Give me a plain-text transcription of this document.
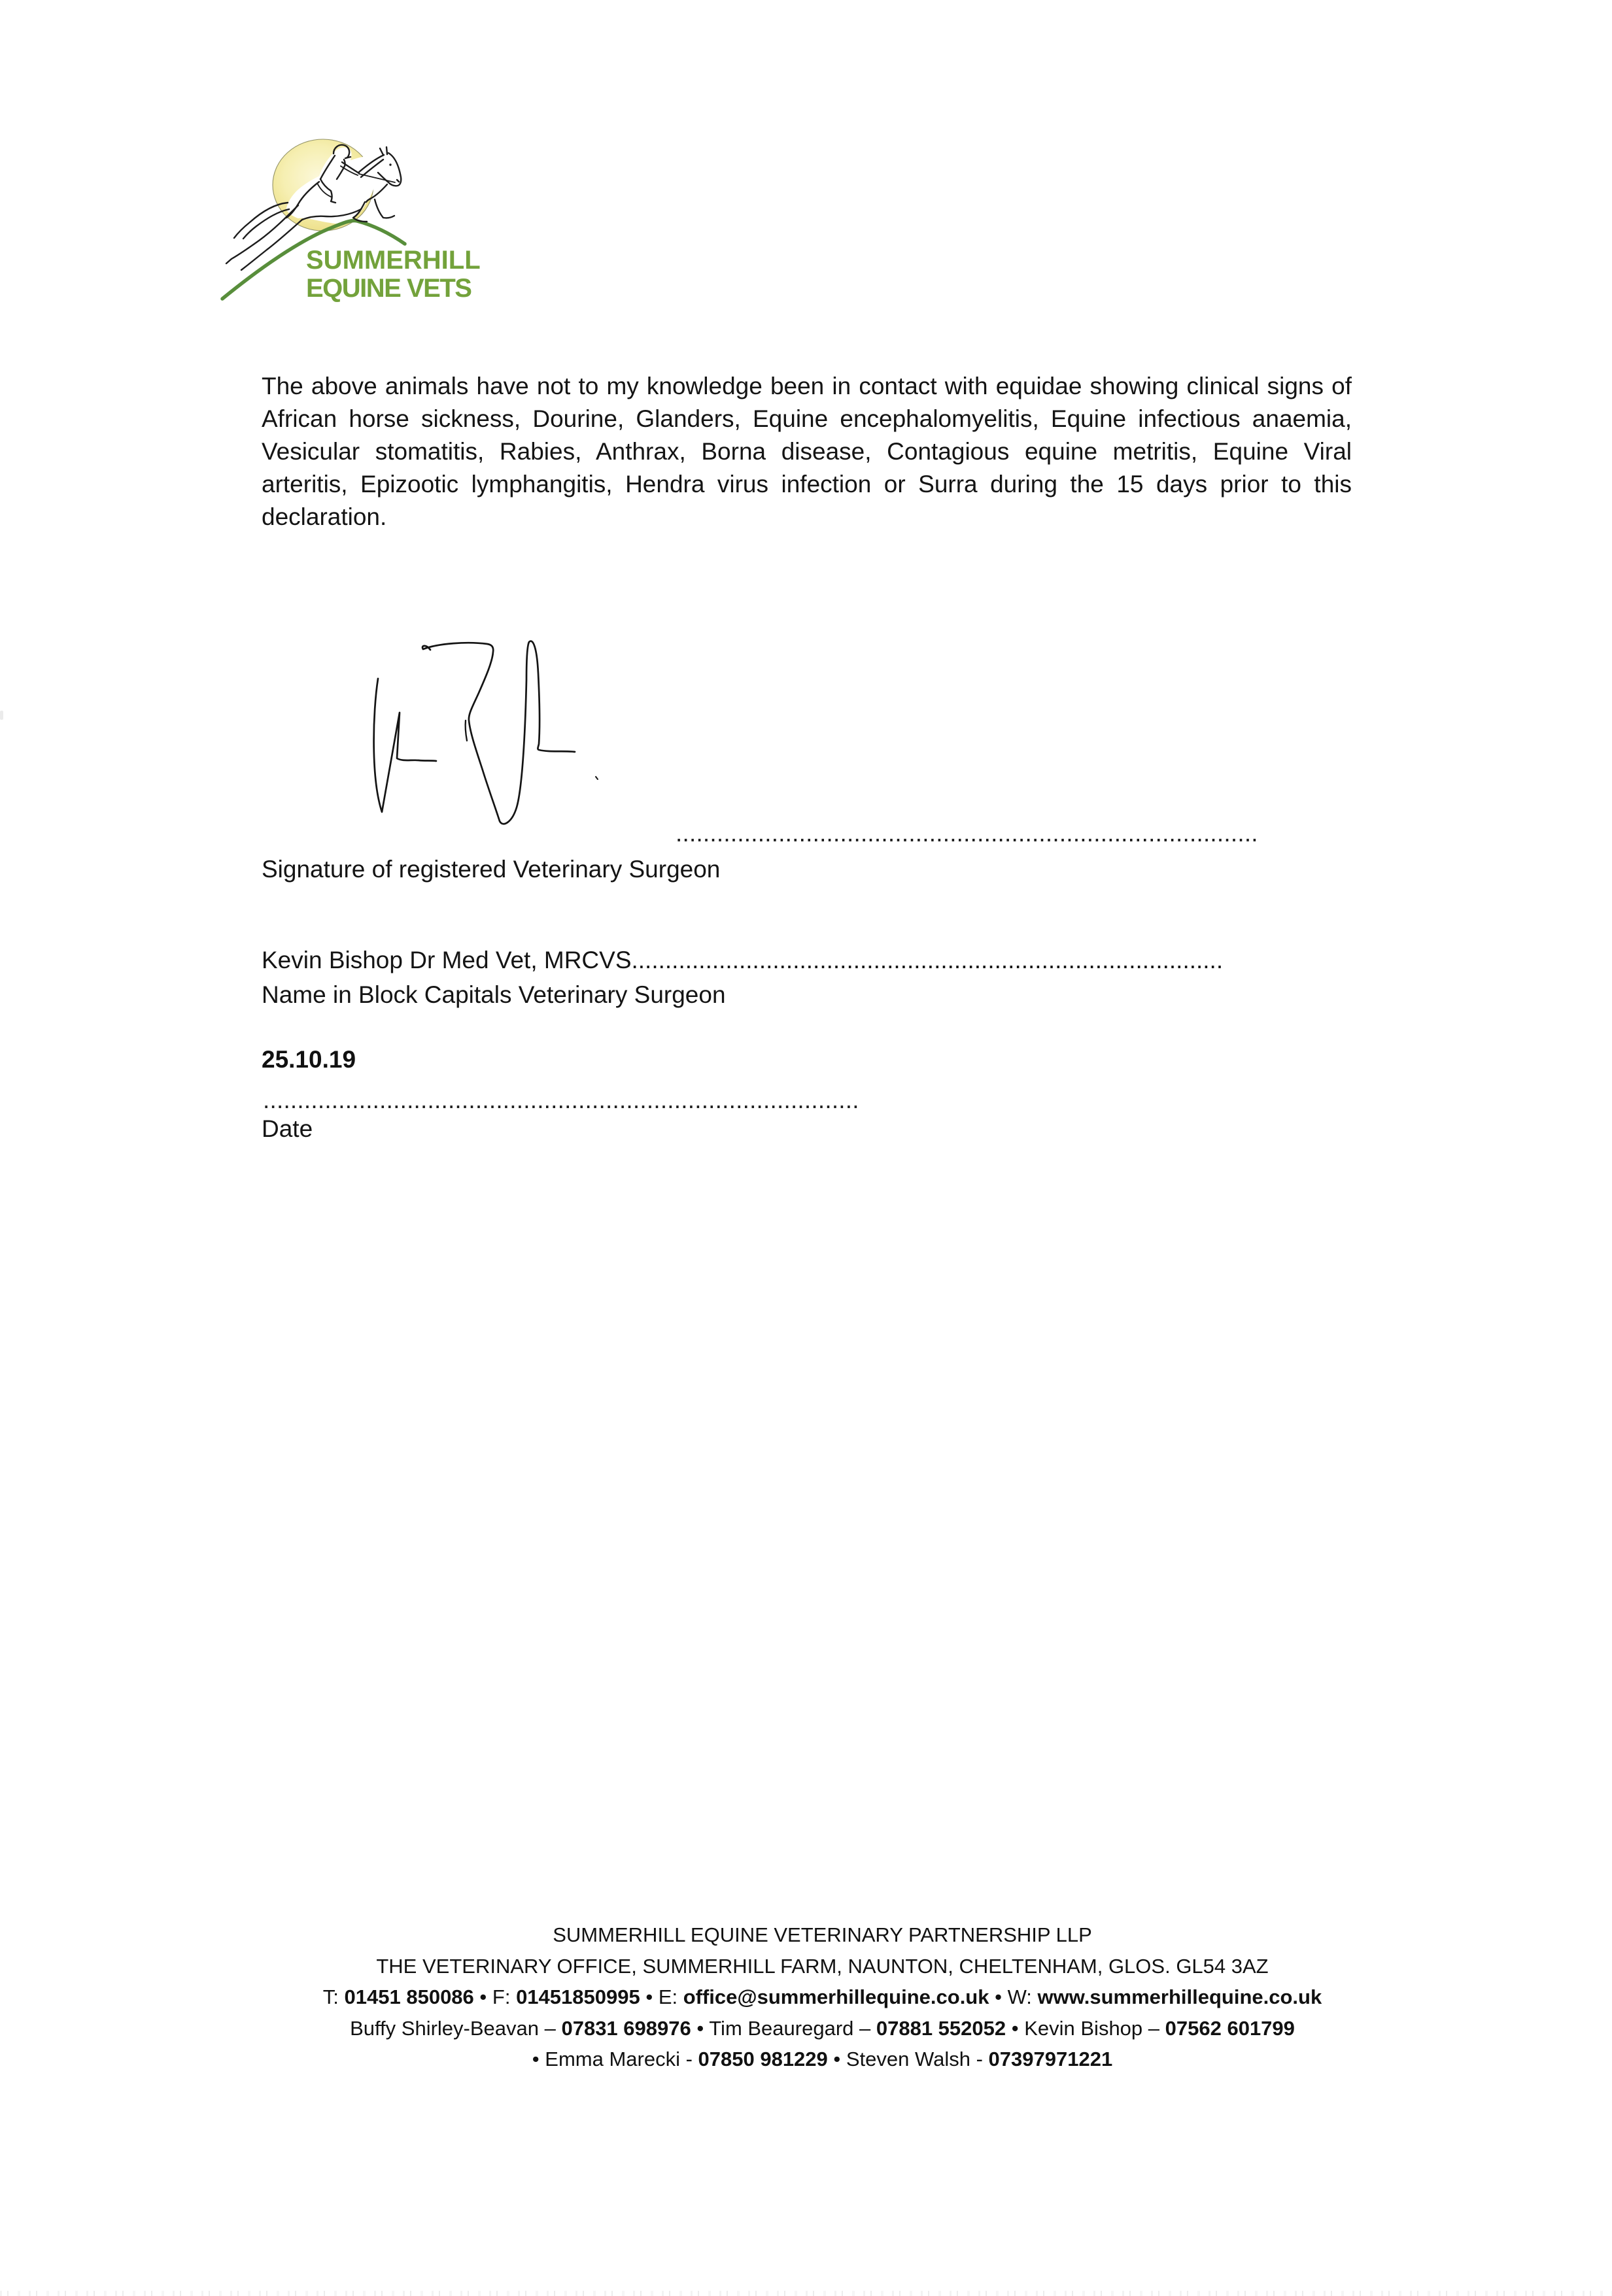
SUMMERHILL
EQUINE VETS
The above animals have not to my knowledge been in contact with equidae showing clinical signs of
African horse sickness, Dourine, Glanders, Equine encephalomyelitis, Equine infectious anaemia,
Vesicular stomatitis, Rabies, Anthrax, Borna disease, Contagious equine metritis, Equine Viral
arteritis, Epizootic lymphangitis, Hendra virus infection or Surra during the 15 days prior to this
declaration.
.....................................................................................
Signature of registered Veterinary Surgeon
Kevin Bishop Dr Med Vet, MRCVS........................................................................................
Name in Block Capitals Veterinary Surgeon
25.10.19
.......................................................................................
Date
SUMMERHILL EQUINE VETERINARY PARTNERSHIP LLP
THE VETERINARY OFFICE, SUMMERHILL FARM, NAUNTON, CHELTENHAM, GLOS. GL54 3AZ
T: 01451 850086 • F: 01451850995 • E: office@summerhillequine.co.uk • W: www.summerhillequine.co.uk
Buffy Shirley-Beavan – 07831 698976 • Tim Beauregard – 07881 552052 • Kevin Bishop – 07562 601799
• Emma Marecki - 07850 981229 • Steven Walsh - 07397971221
